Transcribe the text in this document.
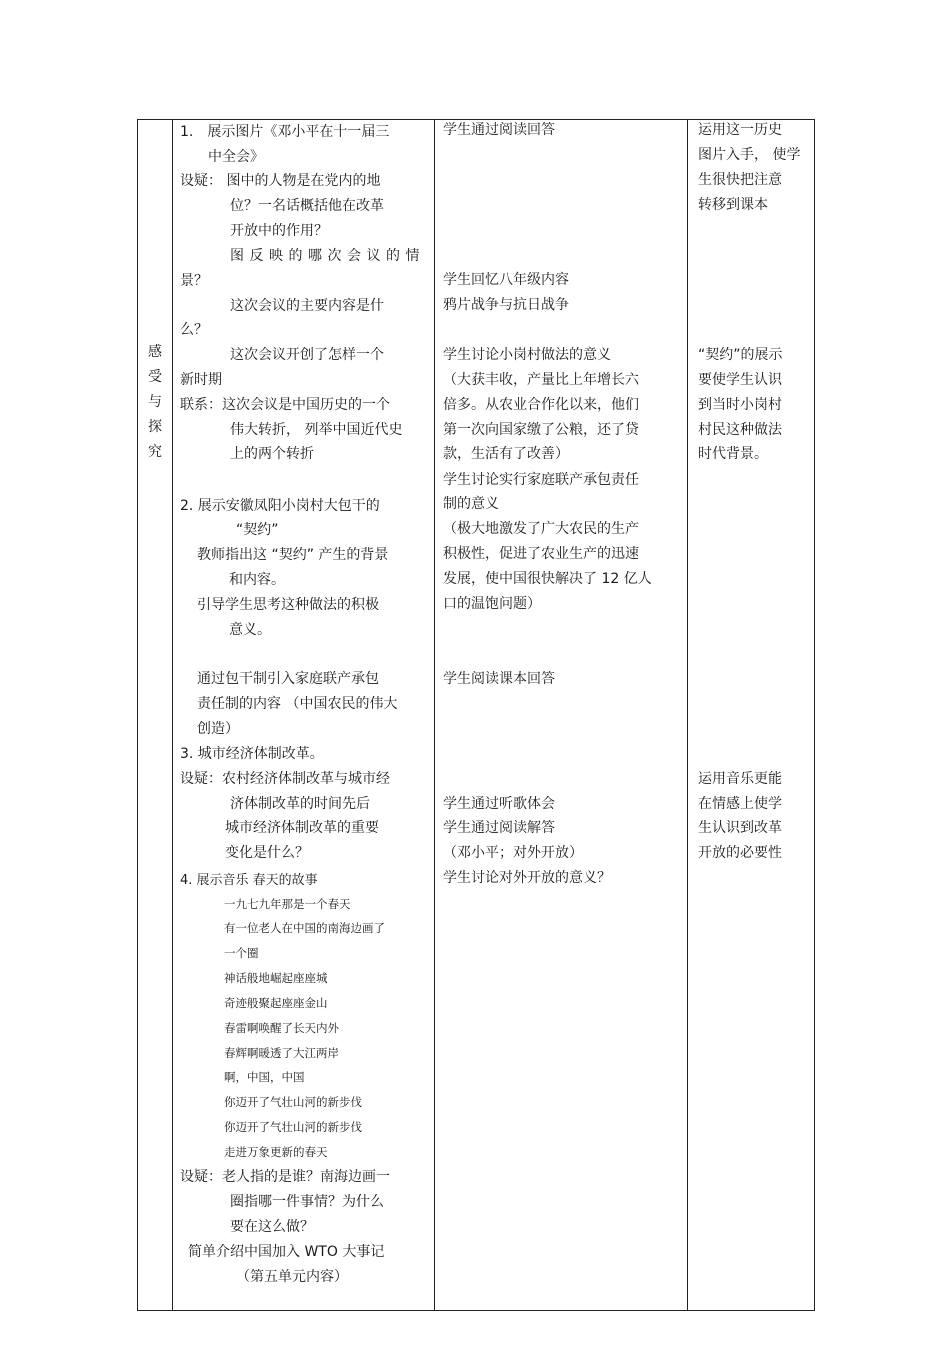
感
受
与
探
究
1.　展示图片《邓小平在十一届三
中全会》
设疑： 图中的人物是在党内的地
位？一名话概括他在改革
开放中的作用？
图反映的哪次会议的情
景？
这次会议的主要内容是什
么？
这次会议开创了怎样一个
新时期
联系：这次会议是中国历史的一个
伟大转折， 列举中国近代史
上的两个转折
2. 展示安徽凤阳小岗村大包干的
“契约”
教师指出这 “契约” 产生的背景
和内容。
引导学生思考这种做法的积极
意义。
通过包干制引入家庭联产承包
责任制的内容 （中国农民的伟大
创造）
3. 城市经济体制改革。
设疑：农村经济体制改革与城市经
济体制改革的时间先后
城市经济体制改革的重要
变化是什么？
4. 展示音乐 春天的故事
一九七九年那是一个春天
有一位老人在中国的南海边画了
一个圈
神话般地崛起座座城
奇迹般聚起座座金山
春雷啊唤醒了长天内外
春辉啊暖透了大江两岸
啊，中国，中国
你迈开了气壮山河的新步伐
你迈开了气壮山河的新步伐
走进万象更新的春天
设疑：老人指的是谁？南海边画一
圈指哪一件事情？为什么
要在这么做？
简单介绍中国加入 WTO 大事记
（第五单元内容）
学生通过阅读回答
学生回忆八年级内容
鸦片战争与抗日战争
学生讨论小岗村做法的意义
（大获丰收，产量比上年增长六
倍多。从农业合作化以来，他们
第一次向国家缴了公粮，还了贷
款，生活有了改善）
学生讨论实行家庭联产承包责任
制的意义
（极大地激发了广大农民的生产
积极性，促进了农业生产的迅速
发展，使中国很快解决了 12 亿人
口的温饱问题）
学生阅读课本回答
学生通过听歌体会
学生通过阅读解答
（邓小平；对外开放）
学生讨论对外开放的意义？
运用这一历史
图片入手， 使学
生很快把注意
转移到课本
“契约”的展示
要使学生认识
到当时小岗村
村民这种做法
时代背景。
运用音乐更能
在情感上使学
生认识到改革
开放的必要性
